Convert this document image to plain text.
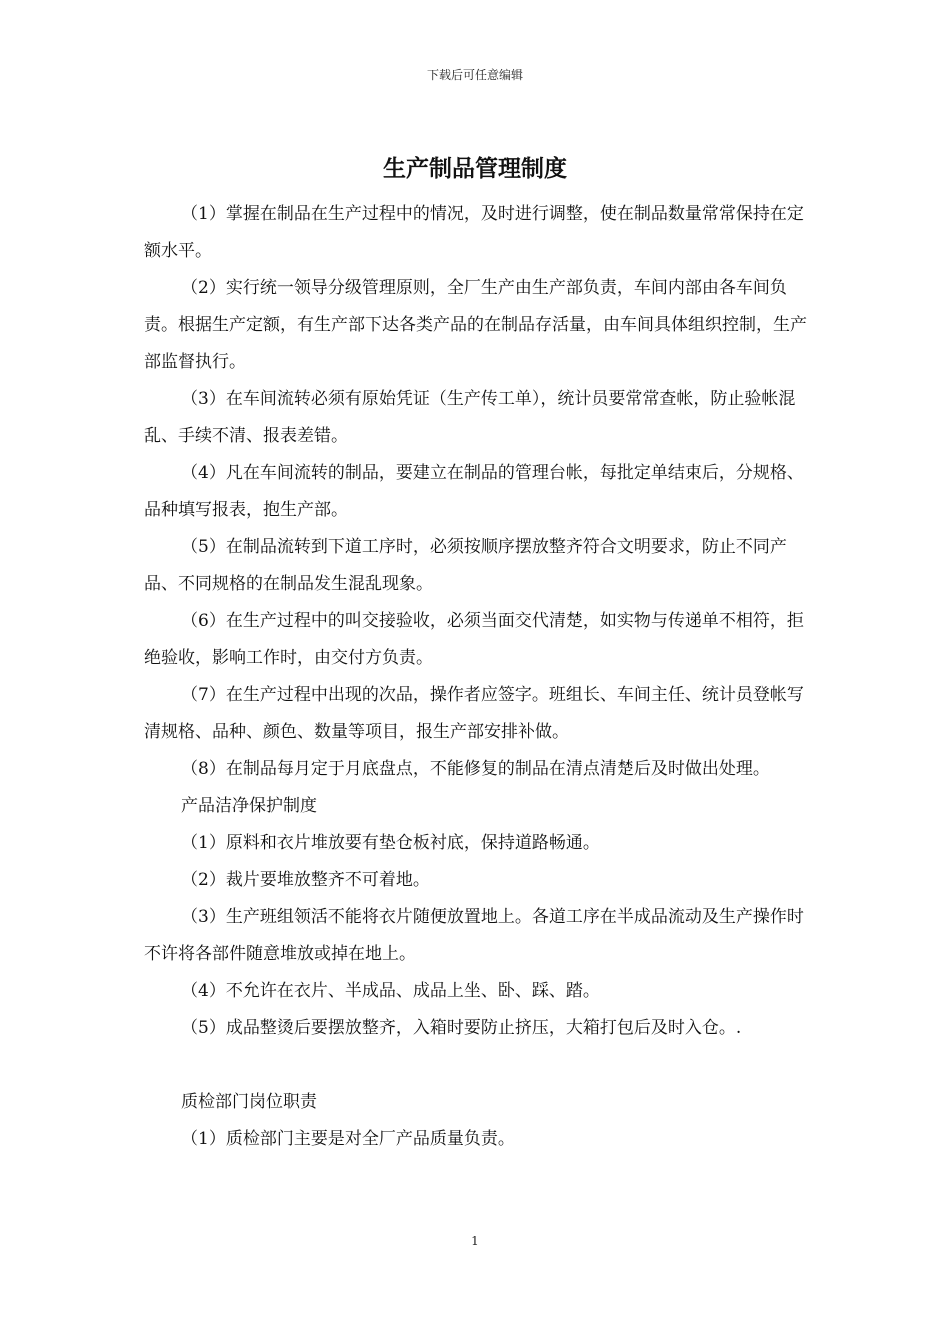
下载后可任意编辑
生产制品管理制度

（1）掌握在制品在生产过程中的情况，及时进行调整，使在制品数量常常保持在定额水平。

（2）实行统一领导分级管理原则，全厂生产由生产部负责，车间内部由各车间负责。根据生产定额，有生产部下达各类产品的在制品存活量，由车间具体组织控制，生产部监督执行。

（3）在车间流转必须有原始凭证（生产传工单），统计员要常常查帐，防止验帐混乱、手续不清、报表差错。

（4）凡在车间流转的制品，要建立在制品的管理台帐，每批定单结束后，分规格、品种填写报表，抱生产部。

（5）在制品流转到下道工序时，必须按顺序摆放整齐符合文明要求，防止不同产品、不同规格的在制品发生混乱现象。

（6）在生产过程中的叫交接验收，必须当面交代清楚，如实物与传递单不相符，拒绝验收，影响工作时，由交付方负责。

（7）在生产过程中出现的次品，操作者应签字。班组长、车间主任、统计员登帐写清规格、品种、颜色、数量等项目，报生产部安排补做。

（8）在制品每月定于月底盘点，不能修复的制品在清点清楚后及时做出处理。

产品洁净保护制度

（1）原料和衣片堆放要有垫仓板衬底，保持道路畅通。

（2）裁片要堆放整齐不可着地。

（3）生产班组领活不能将衣片随便放置地上。各道工序在半成品流动及生产操作时不许将各部件随意堆放或掉在地上。

（4）不允许在衣片、半成品、成品上坐、卧、踩、踏。

（5）成品整烫后要摆放整齐，入箱时要防止挤压，大箱打包后及时入仓。.

质检部门岗位职责

（1）质检部门主要是对全厂产品质量负责。

1
